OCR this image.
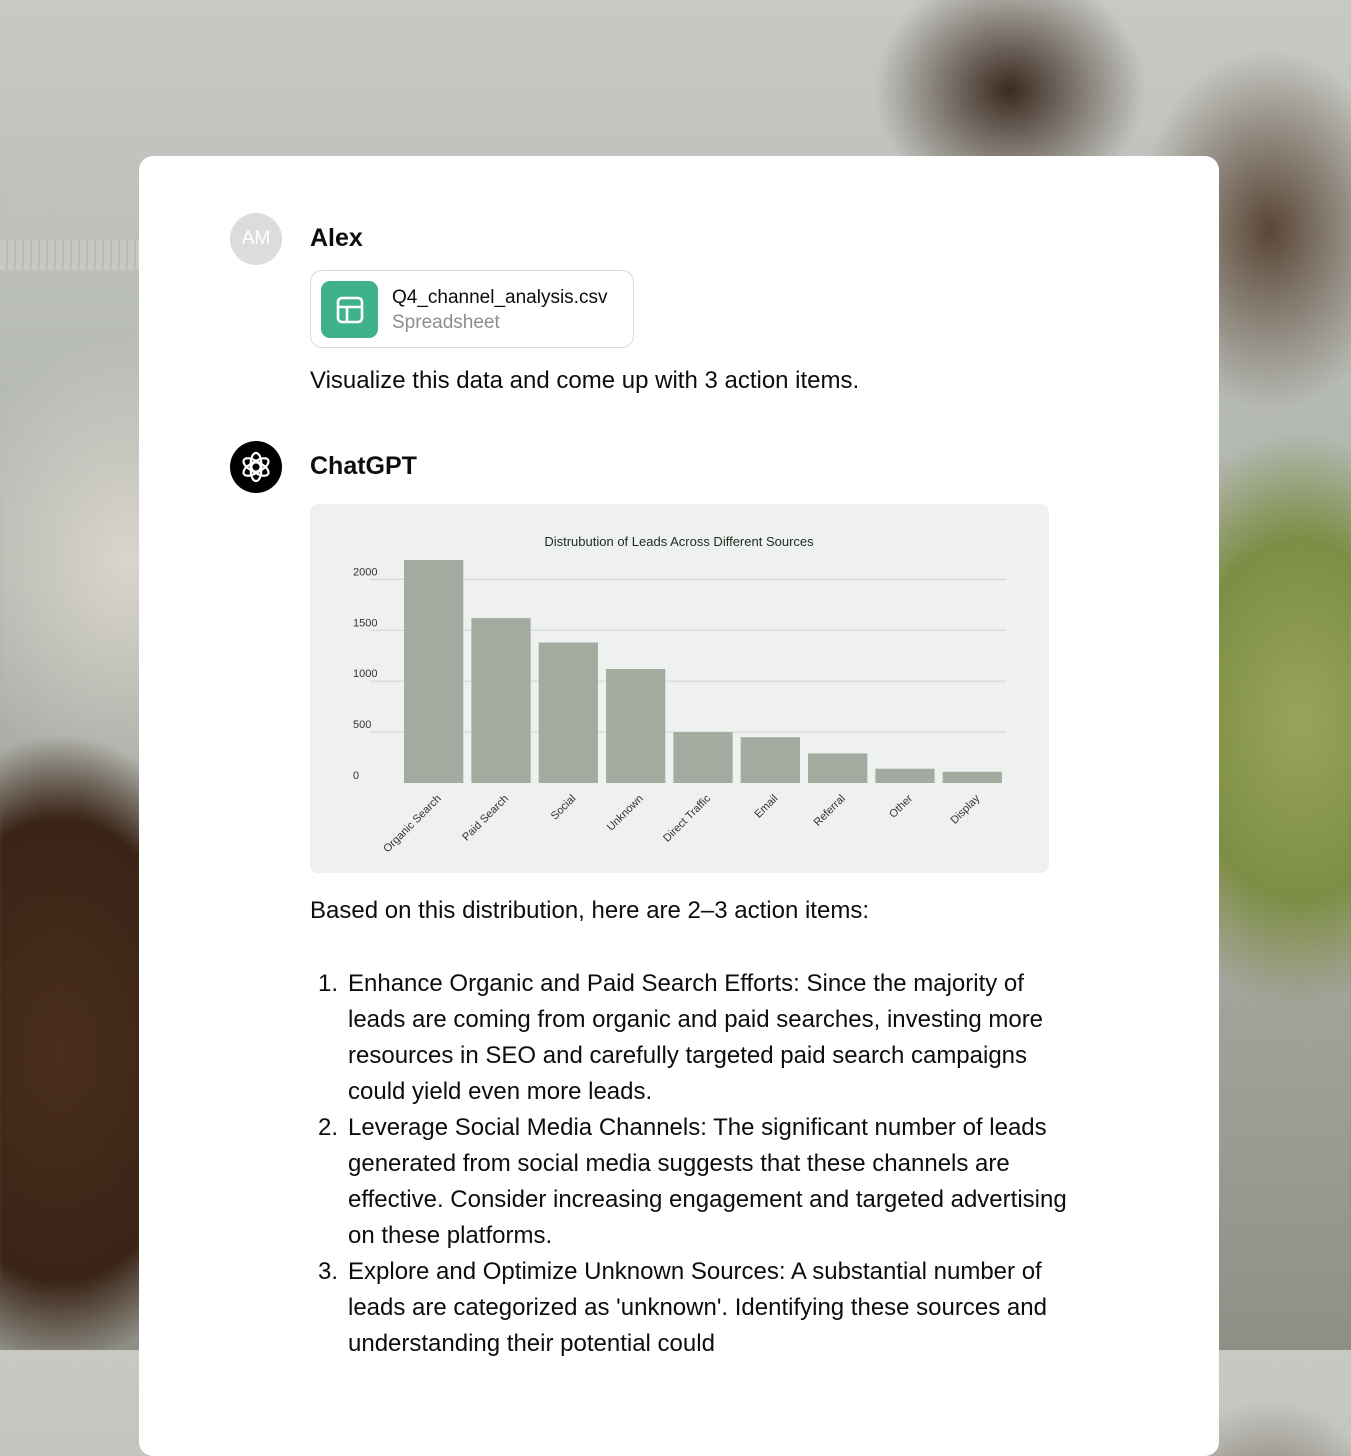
AM Alex
Q4_channel_analysis.csv
Spreadsheet
Visualize this data and come up with 3 action items.
ChatGPT
Distrubution of Leads Across Different Sources
0
500
1000
1500
2000
Organic Search Paid Search	Social Unknown Direct Traffic	Email	Referral	Other	Display
Based on this distribution, here are 2–3 action items:
1. Enhance Organic and Paid Search Efforts: Since the majority of leads are coming from organic and paid searches, investing more resources in SEO and carefully targeted paid search campaigns could yield even more leads.
2. Leverage Social Media Channels: The significant number of leads generated from social media suggests that these channels are effective. Consider increasing engagement and targeted advertising on these platforms.
3. Explore and Optimize Unknown Sources: A substantial number of leads are categorized as 'unknown'. Identifying these sources and understanding their potential could
